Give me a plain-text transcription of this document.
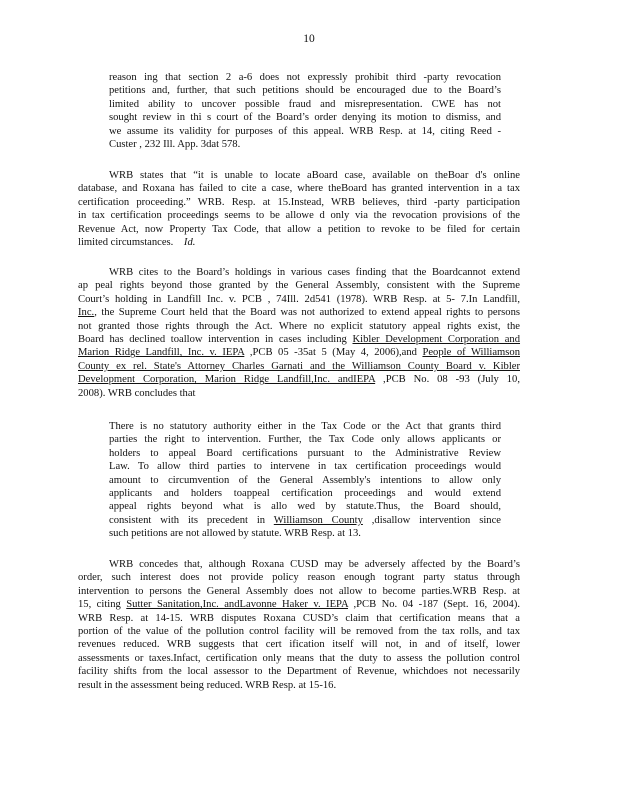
10
reason ing that section 2 a-6 does not expressly prohibit third -party revocation
petitions and, further, that such petitions should be encouraged due to the Board’s
limited ability to uncover possible fraud and misrepresentation. CWE has not
sought review in thi s court of the Board’s order denying its motion to dismiss, and
we assume its validity for purposes of this appeal. WRB Resp. at 14, citing Reed -
Custer , 232 Ill. App. 3dat 578.
WRB states that “it is unable to locate aBoard case, available on theBoar d's online
database, and Roxana has failed to cite a case, where theBoard has granted intervention in a tax
certification proceeding.” WRB. Resp. at 15.Instead, WRB believes, third -party participation
in tax certification proceedings seems to be allowe d only via the revocation provisions of the
Revenue Act, now Property Tax Code, that allow a petition to revoke to be filed for certain
limited circumstances. Id.
WRB cites to the Board’s holdings in various cases finding that the Boardcannot extend
ap peal rights beyond those granted by the General Assembly, consistent with the Supreme
Court’s holding in Landfill Inc. v. PCB , 74Ill. 2d541 (1978). WRB Resp. at 5- 7.In Landfill,
Inc., the Supreme Court held that the Board was not authorized to extend appeal rights to persons
not granted those rights through the Act. Where no explicit statutory appeal rights exist, the
Board has declined toallow intervention in cases including Kibler Development Corporation and
Marion Ridge Landfill, Inc. v. IEPA ,PCB 05 -35at 5 (May 4, 2006),and People of Williamson
County ex rel. State's Attorney Charles Garnati and the Williamson County Board v. Kibler
Development Corporation, Marion Ridge Landfill,Inc. andIEPA ,PCB No. 08 -93 (July 10,
2008). WRB concludes that
There is no statutory authority either in the Tax Code or the Act that grants third
parties the right to intervention. Further, the Tax Code only allows applicants or
holders to appeal Board certifications pursuant to the Administrative Review
Law. To allow third parties to intervene in tax certification proceedings would
amount to circumvention of the General Assembly's intentions to allow only
applicants and holders toappeal certification proceedings and would extend
appeal rights beyond what is allo wed by statute.Thus, the Board should,
consistent with its precedent in Williamson County ,disallow intervention since
such petitions are not allowed by statute. WRB Resp. at 13.
WRB concedes that, although Roxana CUSD may be adversely affected by the Board’s
order, such interest does not provide policy reason enough togrant party status through
intervention to persons the General Assembly does not allow to become parties.WRB Resp. at
15, citing Sutter Sanitation,Inc. andLavonne Haker v. IEPA ,PCB No. 04 -187 (Sept. 16, 2004).
WRB Resp. at 14-15. WRB disputes Roxana CUSD’s claim that certification means that a
portion of the value of the pollution control facility will be removed from the tax rolls, and tax
revenues reduced. WRB suggests that cert ification itself will not, in and of itself, lower
assessments or taxes.Infact, certification only means that the duty to assess the pollution control
facility shifts from the local assessor to the Department of Revenue, whichdoes not necessarily
result in the assessment being reduced. WRB Resp. at 15-16.
